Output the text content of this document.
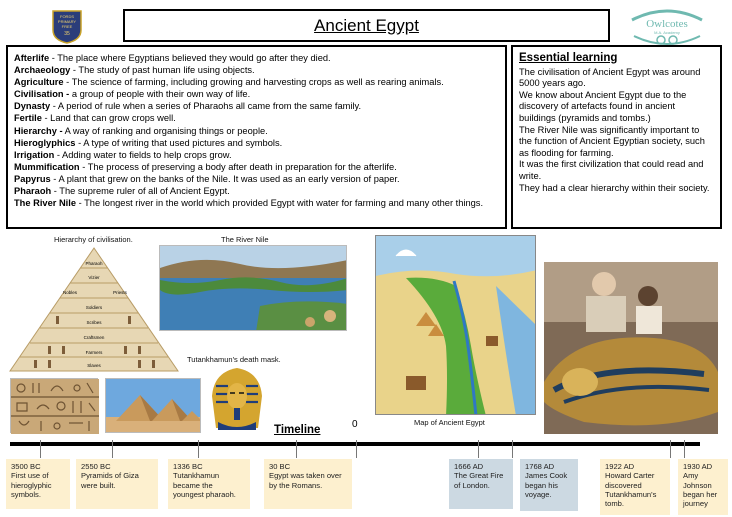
FORDS
PRIMARY
FREE
35	Ancient Egypt	Owlcotes
M.A. Academy
Afterlife - The place where Egyptians believed they would go after they died.
Archaeology - The study of past human life using objects.
Agriculture - The science of farming, including growing and harvesting crops as well as rearing animals.
Civilisation - a group of people with their own way of life.
Dynasty - A period of rule when a series of Pharaohs all came from the same family.
Fertile - Land that can grow crops well.
Hierarchy - A way of ranking and organising things or people.
Hieroglyphics - A type of writing that used pictures and symbols.
Irrigation - Adding water to fields to help crops grow.
Mummification - The process of preserving a body after death in preparation for the afterlife.
Papyrus - A plant that grew on the banks of the Nile. It was used as an early version of paper.
Pharaoh - The supreme ruler of all of Ancient Egypt.
The River Nile - The longest river in the world which provided Egypt with water for farming and many other things.
Essential learning
The civilisation of Ancient Egypt was around 5000 years ago.
We know about Ancient Egypt due to the discovery of artefacts found in ancient buildings (pyramids and tombs.)
The River Nile was significantly important to the function of Ancient Egyptian society, such as flooding for farming.
It was the first civilization that could read and write.
They had a clear hierarchy within their society.
Hierarchy of civilisation.	The River Nile
Tutankhamun's death mask.
Map of Ancient Egypt
Pharaoh
Vizier
Nobles	Priests
Soldiers
Scribes
Craftsmen
Farmers
Slaves
Timeline	0
3500 BC
First use of
hieroglyphic
symbols.
2550 BC
Pyramids of Giza
were built.
1336 BC
Tutankhamun
became the
youngest pharaoh.
30 BC
Egypt was taken over
by the Romans.
1666 AD
The Great Fire
of London.
1768 AD
James Cook
began his
voyage.
1922 AD
Howard Carter
discovered
Tutankhamun's
tomb.
1930 AD
Amy
Johnson
began her
journey
